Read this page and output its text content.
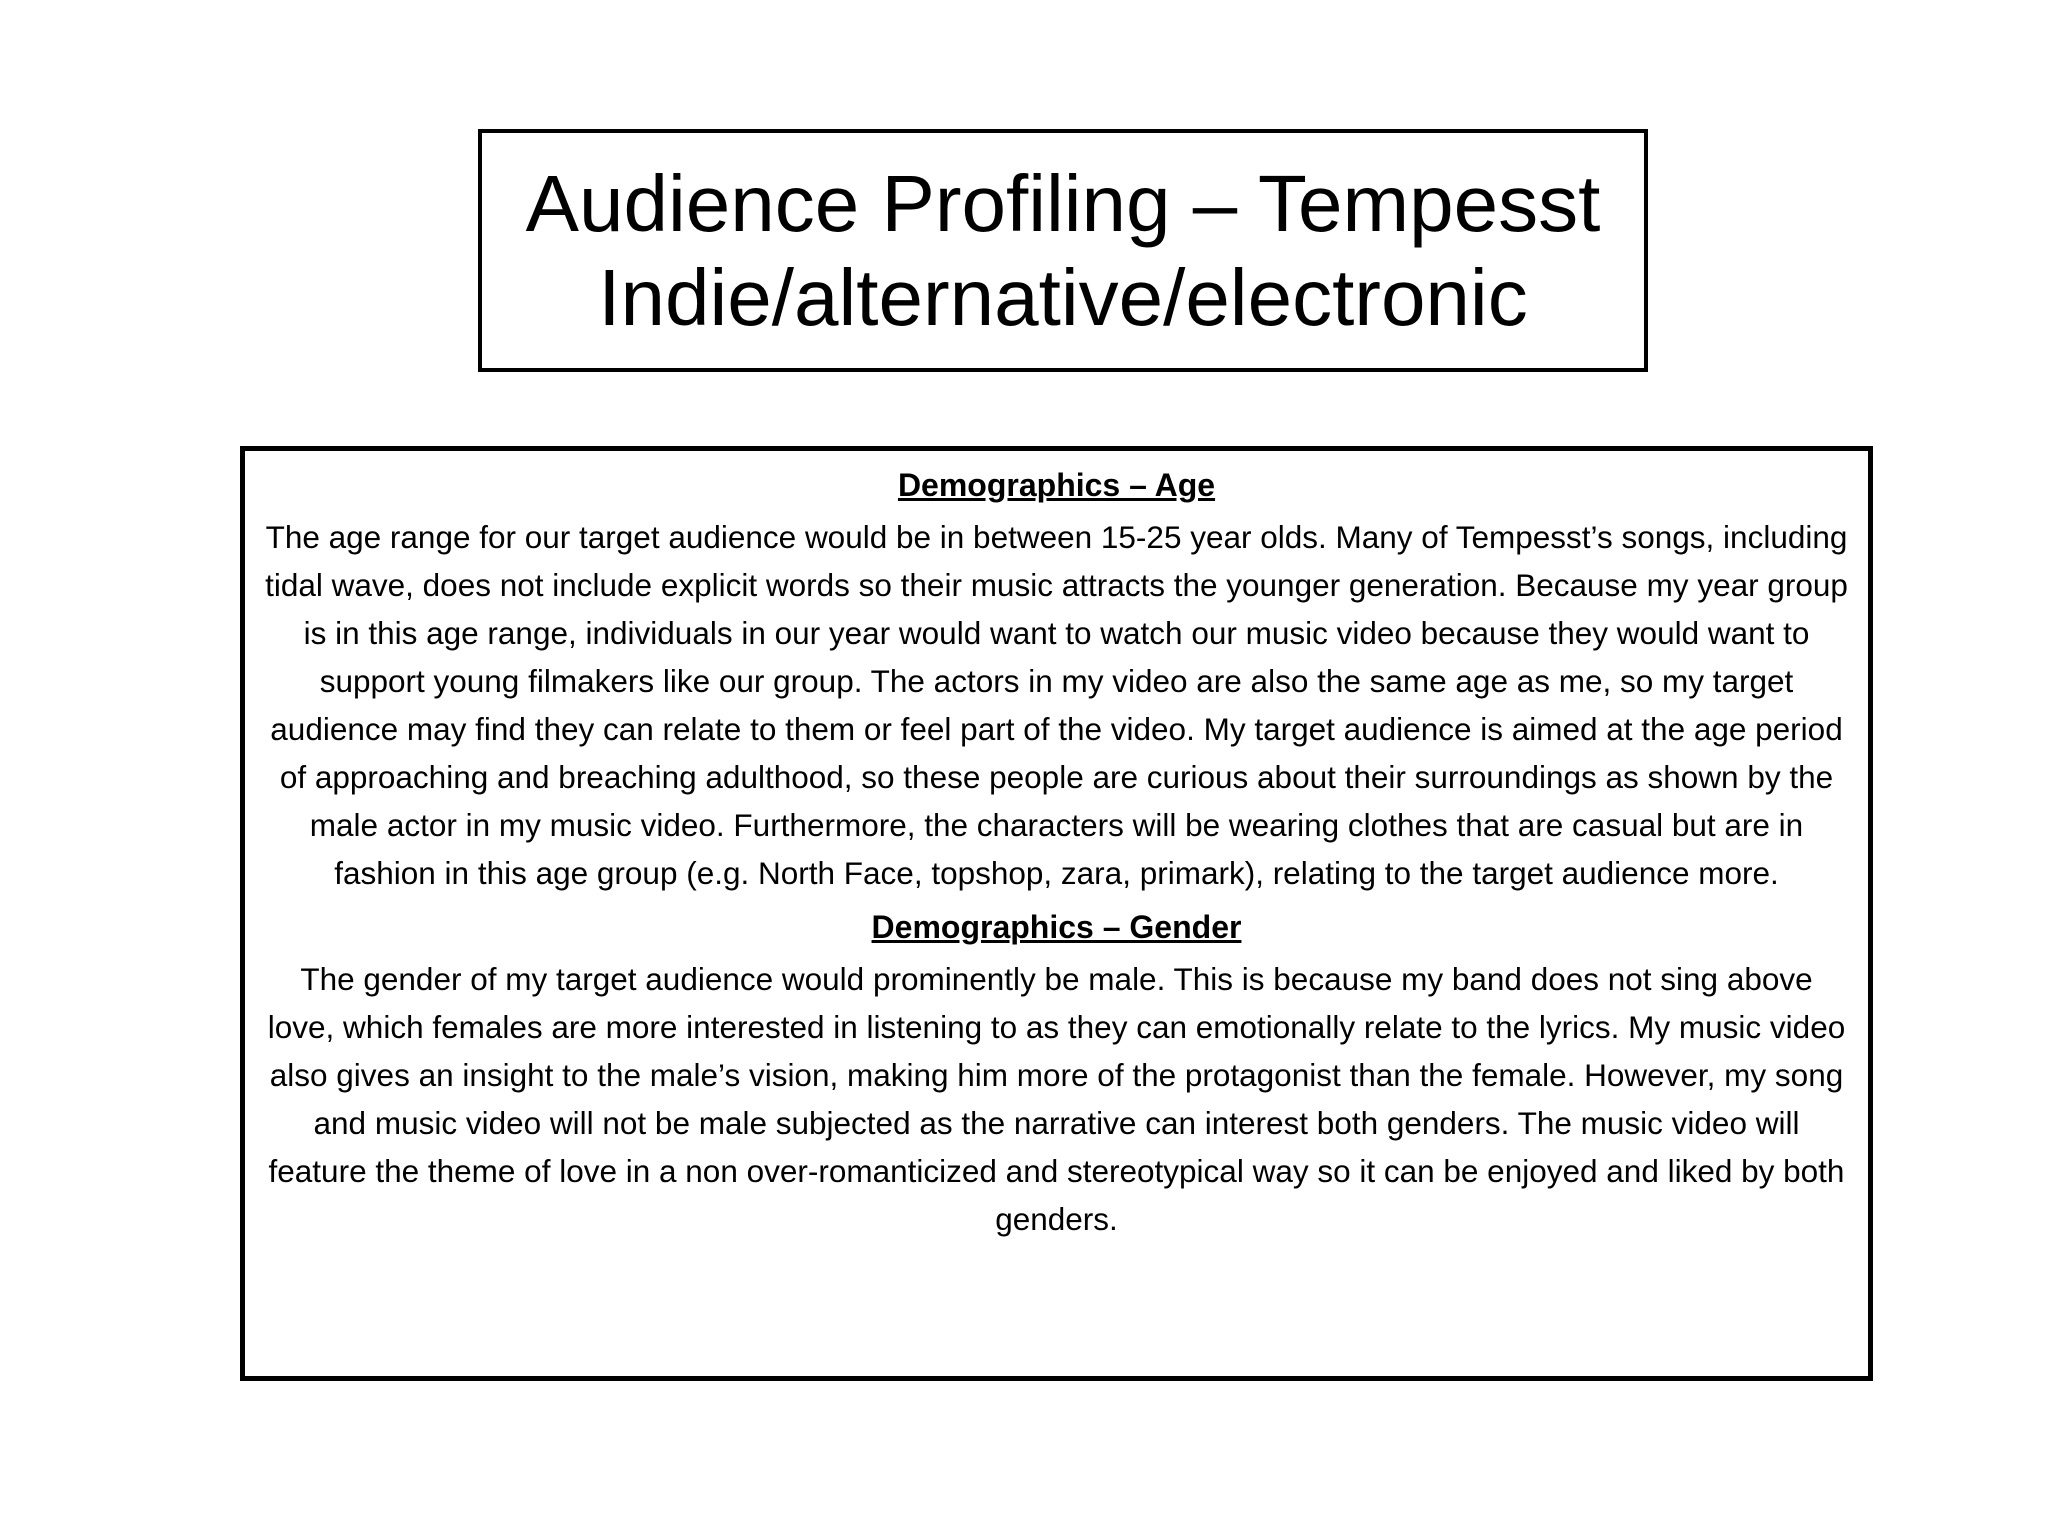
Audience Profiling – Tempesst
Indie/alternative/electronic
Demographics – Age

The age range for our target audience would be in between 15-25 year olds. Many of Tempesst’s songs, including tidal wave, does not include explicit words so their music attracts the younger generation. Because my year group is in this age range, individuals in our year would want to watch our music video because they would want to support young filmakers like our group. The actors in my video are also the same age as me, so my target audience may find they can relate to them or feel part of the video. My target audience is aimed at the age period of approaching and breaching adulthood, so these people are curious about their surroundings as shown by the male actor in my music video. Furthermore, the characters will be wearing clothes that are casual but are in fashion in this age group (e.g. North Face, topshop, zara, primark), relating to the target audience more.

Demographics – Gender

The gender of my target audience would prominently be male. This is because my band does not sing above love, which females are more interested in listening to as they can emotionally relate to the lyrics. My music video also gives an insight to the male’s vision, making him more of the protagonist than the female. However, my song and music video will not be male subjected as the narrative can interest both genders. The music video will feature the theme of love in a non over-romanticized and stereotypical way so it can be enjoyed and liked by both genders.
